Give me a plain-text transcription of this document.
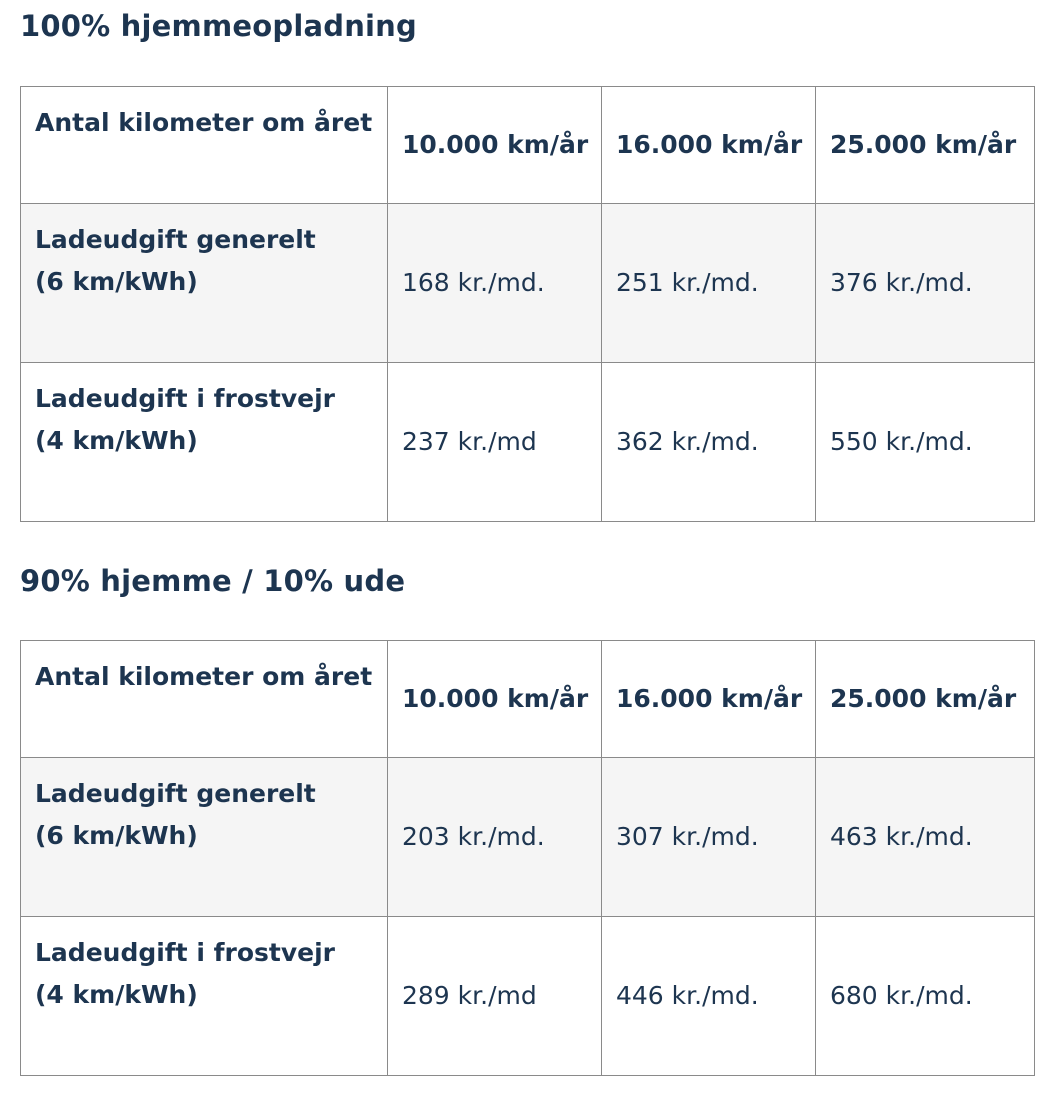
100% hjemmeopladning
Antal kilometer om året	10.000 km/år	16.000 km/år	25.000 km/år

Ladeudgift generelt
(6 km/kWh)	168 kr./md.	251 kr./md.	376 kr./md.

Ladeudgift i frostvejr
(4 km/kWh)	237 kr./md	362 kr./md.	550 kr./md.
90% hjemme / 10% ude
Antal kilometer om året	10.000 km/år	16.000 km/år	25.000 km/år

Ladeudgift generelt
(6 km/kWh)	203 kr./md.	307 kr./md.	463 kr./md.

Ladeudgift i frostvejr
(4 km/kWh)	289 kr./md	446 kr./md.	680 kr./md.
